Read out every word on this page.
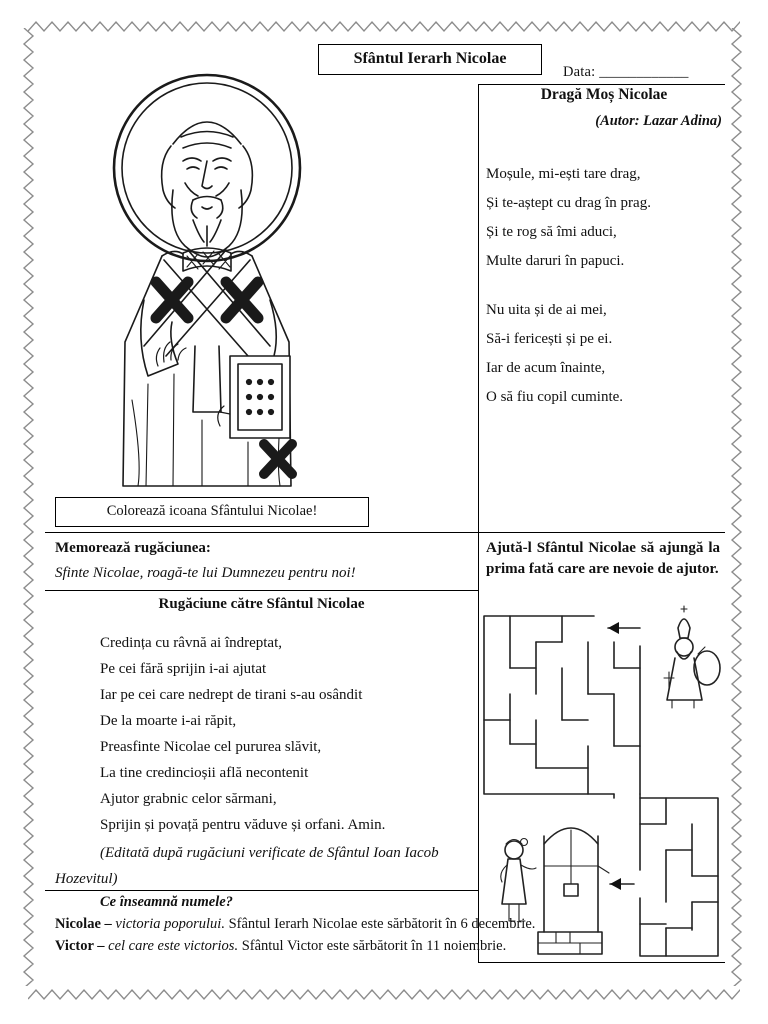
Sfântul Ierarh Nicolae
Data: ____________
Colorează icoana Sfântului Nicolae!
Dragă Moș Nicolae
(Autor: Lazar Adina)
Moșule, mi-ești tare drag,
Și te-aștept cu drag în prag.
Și te rog să îmi aduci,
Multe daruri în papuci.
Nu uita și de ai mei,
Să-i fericești și pe ei.
Iar de acum înainte,
O să fiu copil cuminte.
Memorează rugăciunea:
Sfinte Nicolae, roagă-te lui Dumnezeu pentru noi!
Rugăciune către Sfântul Nicolae
Credința cu râvnă ai îndreptat,
Pe cei fără sprijin i-ai ajutat
Iar pe cei care nedrept de tirani s-au osândit
De la moarte i-ai răpit,
Preasfinte Nicolae cel pururea slăvit,
La tine credincioșii află necontenit
Ajutor grabnic celor sărmani,
Sprijin și povață pentru văduve și orfani. Amin.
(Editată după rugăciuni verificate de Sfântul Ioan Iacob Hozevitul)
Ajută-l Sfântul Nicolae să ajungă la prima fată care are nevoie de ajutor.
Ce înseamnă numele?

Nicolae – victoria poporului. Sfântul Ierarh Nicolae este sărbătorit în 6 decembrie.

Victor – cel care este victorios. Sfântul Victor este sărbătorit în 11 noiembrie.
